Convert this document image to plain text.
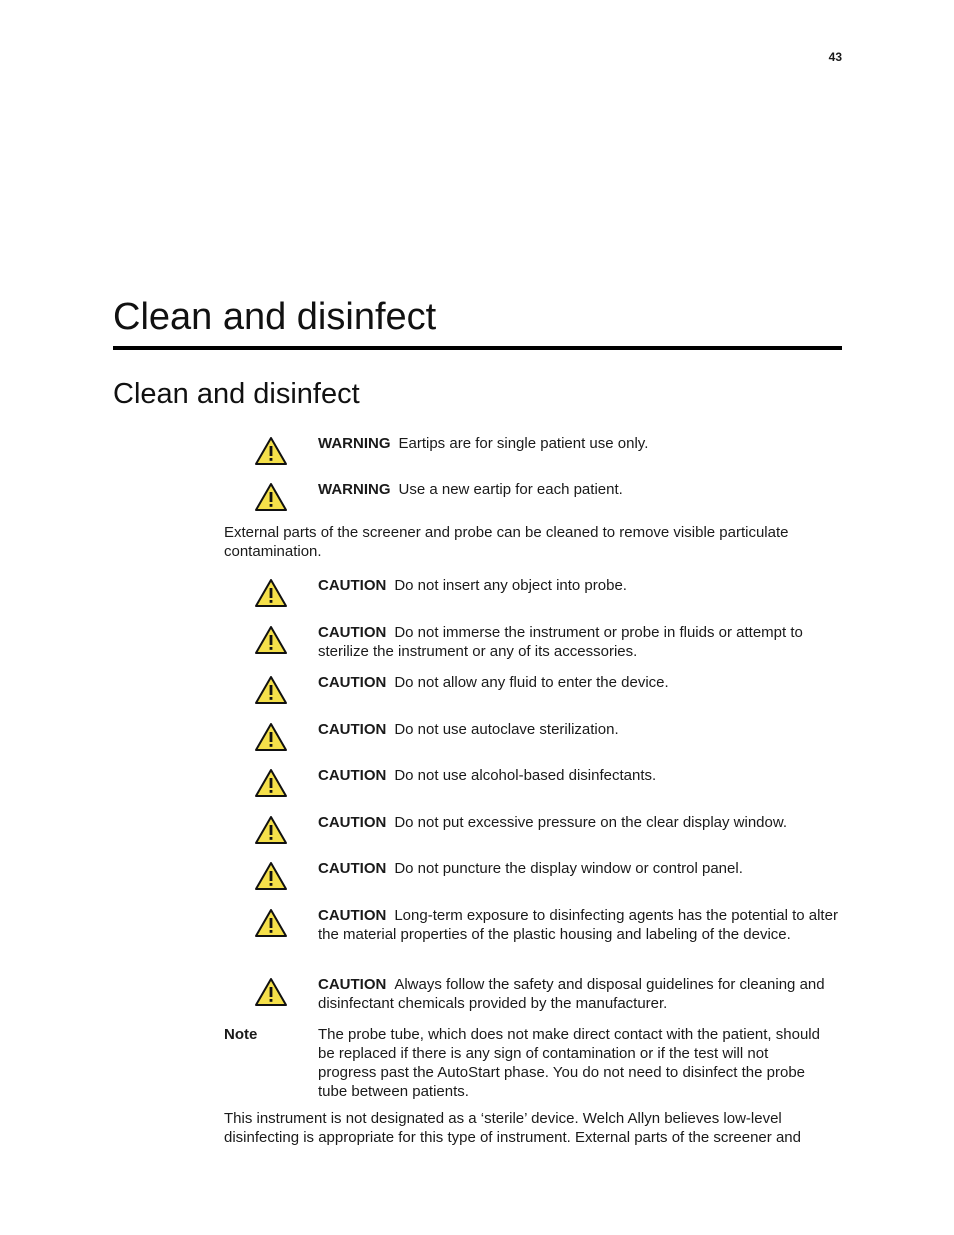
43
Clean and disinfect
Clean and disinfect
WARNING Eartips are for single patient use only.
WARNING Use a new eartip for each patient.

External parts of the screener and probe can be cleaned to remove visible particulate contamination.

CAUTION Do not insert any object into probe.
CAUTION Do not immerse the instrument or probe in fluids or attempt to sterilize the instrument or any of its accessories.
CAUTION Do not allow any fluid to enter the device.
CAUTION Do not use autoclave sterilization.
CAUTION Do not use alcohol-based disinfectants.
CAUTION Do not put excessive pressure on the clear display window.
CAUTION Do not puncture the display window or control panel.
CAUTION Long-term exposure to disinfecting agents has the potential to alter the material properties of the plastic housing and labeling of the device.
CAUTION Always follow the safety and disposal guidelines for cleaning and disinfectant chemicals provided by the manufacturer.
Note	The probe tube, which does not make direct contact with the patient, should be replaced if there is any sign of contamination or if the test will not progress past the AutoStart phase. You do not need to disinfect the probe tube between patients.

This instrument is not designated as a ‘sterile’ device. Welch Allyn believes low-level disinfecting is appropriate for this type of instrument. External parts of the screener and
